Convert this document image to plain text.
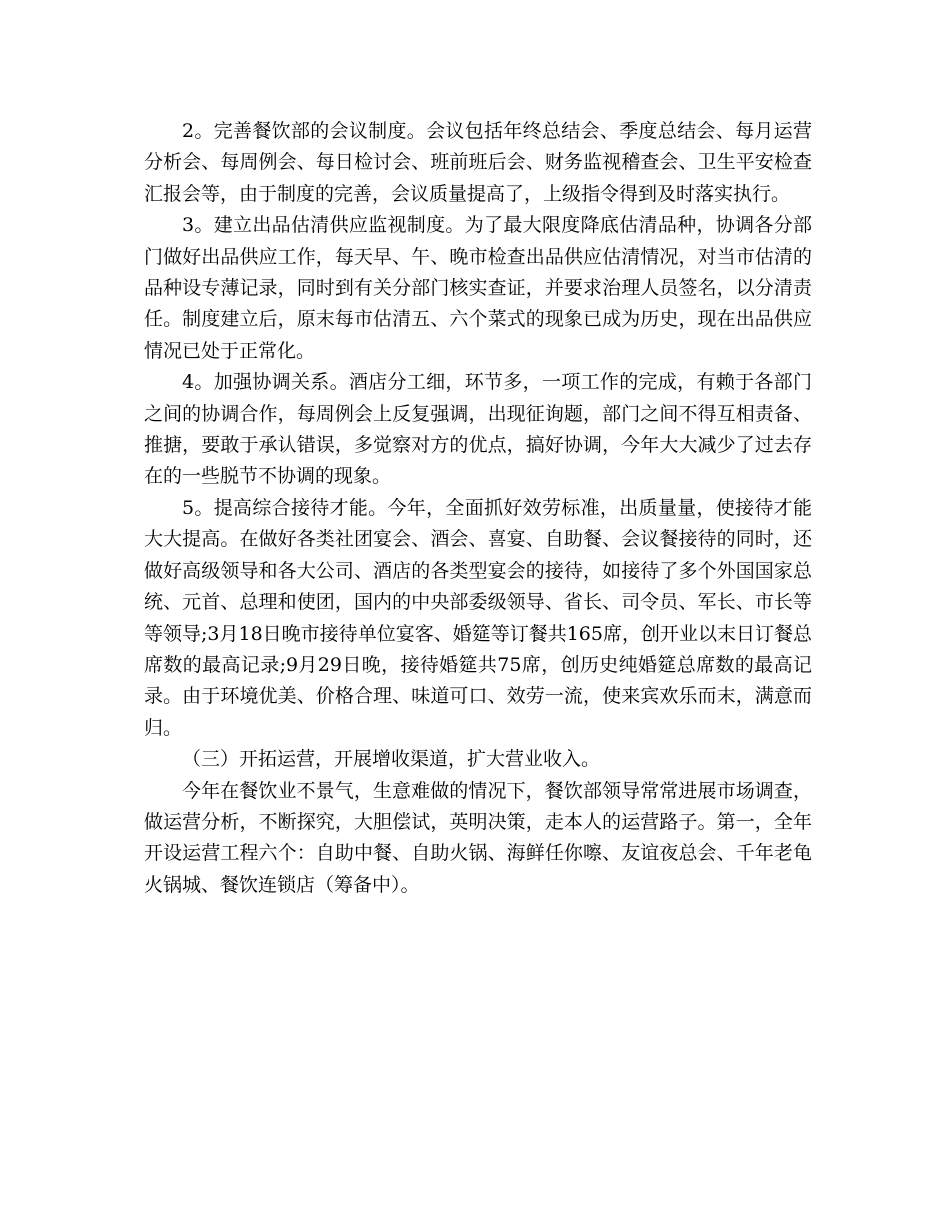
2。完善餐饮部的会议制度。会议包括年终总结会、季度总结会、每月运营分析会、每周例会、每日检讨会、班前班后会、财务监视稽查会、卫生平安检查汇报会等，由于制度的完善，会议质量提高了，上级指令得到及时落实执行。

3。建立出品估清供应监视制度。为了最大限度降底估清品种，协调各分部门做好出品供应工作，每天早、午、晚市检查出品供应估清情况，对当市估清的品种设专薄记录，同时到有关分部门核实查证，并要求治理人员签名，以分清责任。制度建立后，原末每市估清五、六个菜式的现象已成为历史，现在出品供应情况已处于正常化。

4。加强协调关系。酒店分工细，环节多，一项工作的完成，有赖于各部门之间的协调合作，每周例会上反复强调，出现征询题，部门之间不得互相责备、推搪，要敢于承认错误，多觉察对方的优点，搞好协调，今年大大减少了过去存在的一些脱节不协调的现象。

5。提高综合接待才能。今年，全面抓好效劳标准，出质量量，使接待才能大大提高。在做好各类社团宴会、酒会、喜宴、自助餐、会议餐接待的同时，还做好高级领导和各大公司、酒店的各类型宴会的接待，如接待了多个外国国家总统、元首、总理和使团，国内的中央部委级领导、省长、司令员、军长、市长等等领导;3月18日晚市接待单位宴客、婚筵等订餐共165席，创开业以末日订餐总席数的最高记录;9月29日晚，接待婚筵共75席，创历史纯婚筵总席数的最高记录。由于环境优美、价格合理、味道可口、效劳一流，使来宾欢乐而末，满意而归。

（三）开拓运营，开展增收渠道，扩大营业收入。

今年在餐饮业不景气，生意难做的情况下，餐饮部领导常常进展市场调查，做运营分析，不断探究，大胆偿试，英明决策，走本人的运营路子。第一，全年开设运营工程六个：自助中餐、自助火锅、海鲜任你嚓、友谊夜总会、千年老龟火锅城、餐饮连锁店（筹备中）。
